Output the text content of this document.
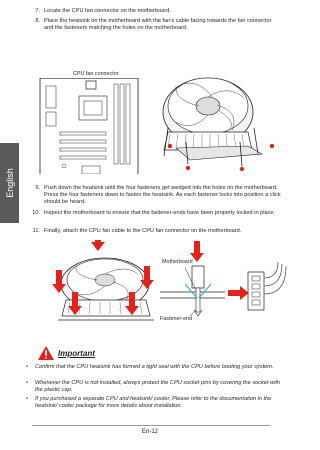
English
7. Locate the CPU fan connector on the motherboard.
8. Place the heatsink on the motherboard with the fan’s cable facing towards the fan connector and the fasteners matching the holes on the motherboard.
CPU fan connector
9. Push down the heatsink until the four fasteners get wedged into the holes on the motherboard. Press the four fasteners down to fasten the heatsink. As each fastener locks into position a click should be heard.
10. Inspect the motherboard to ensure that the fastener-ends have been properly locked in place.
11. Finally, attach the CPU fan cable to the CPU fan connector on the motherboard.
Motherboard
Fastener-end
Important
• Confirm that the CPU heatsink has formed a tight seal with the CPU before booting your system.
• Whenever the CPU is not installed, always protect the CPU socket pins by covering the socket with the plastic cap.
• If you purchased a separate CPU and heatsink/ cooler, Please refer to the documentation in the heatsink/ cooler package for more details about installation.
En-12
